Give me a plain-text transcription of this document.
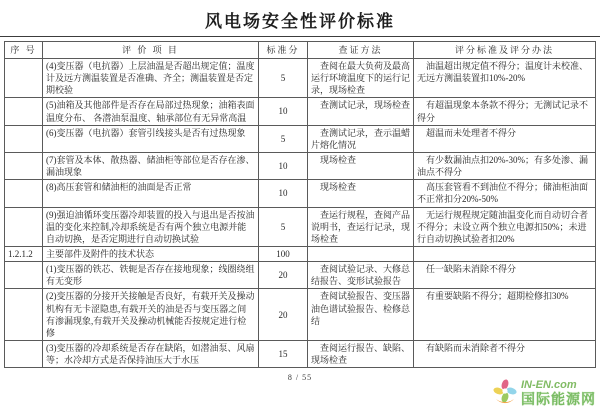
风电场安全性评价标准
序 号	评 价 项 目	标准分	查证方法	评分标准及评分办法
	(4)变压器（电抗器）上层油温是否超出规定值；温度计及远方测温装置是否准确、齐全；测温装置是否定期校验	5	查阅在最大负荷及最高运行环境温度下的运行记录，现场检查	油温超出规定值不得分；温度计未校准、无远方测温装置扣10%-20%
	(5)油箱及其他部件是否存在局部过热现象；油箱表面温度分布、 各潜油泵温度、轴承部位有无异常高温	10	查测试记录，现场检查	有超温现象本条款不得分；无测试记录不得分
	(6)变压器（电抗器）套管引线接头是否有过热现象	5	查测试记录，查示温蜡片熔化情况	超温而未处理者不得分
	(7)套管及本体、散热器、储油柜等部位是否存在渗、漏油现象	10	现场检查	有少数漏油点扣20%-30%；有多处渗、漏油点不得分
	(8)高压套管和储油柜的油面是否正常	10	现场检查	高压套管看不到油位不得分；储油柜油面不正常扣分20%-50%
	(9)强迫油循环变压器冷却装置的投入与退出是否按油温的变化来控制,冷却系统是否有两个独立电源并能自动切换，是否定期进行自动切换试验	5	查运行规程，查阅产品说明书，查运行记录，现场检查	无运行规程规定随油温变化而自动切合者不得分；未设立两个独立电源扣50%；未进行自动切换试验者扣20%
1.2.1.2	主要部件及附件的技术状态	100		
	(1)变压器的铁芯、铁轭是否存在接地现象；线圈绕组有无变形	20	查阅试验记录、大修总结报告、变形试验报告	任一缺陷未消除不得分
	(2)变压器的分接开关接触是否良好，有载开关及操动机构有无卡涩隐患,有载开关的油是否与变压器之间有渗漏现象,有载开关及操动机械能否按规定进行检修	20	查阅试验报告、变压器油色谱试验报告、检修总结	有重要缺陷不得分；超期检修扣30%
	(3)变压器的冷却系统是否存在缺陷，如潜油泵、风扇等；水冷却方式是否保持油压大于水压	15	查阅运行报告、缺陷、现场检查	有缺陷而未消除者不得分
8 / 55
IN-EN.com
国际能源网
